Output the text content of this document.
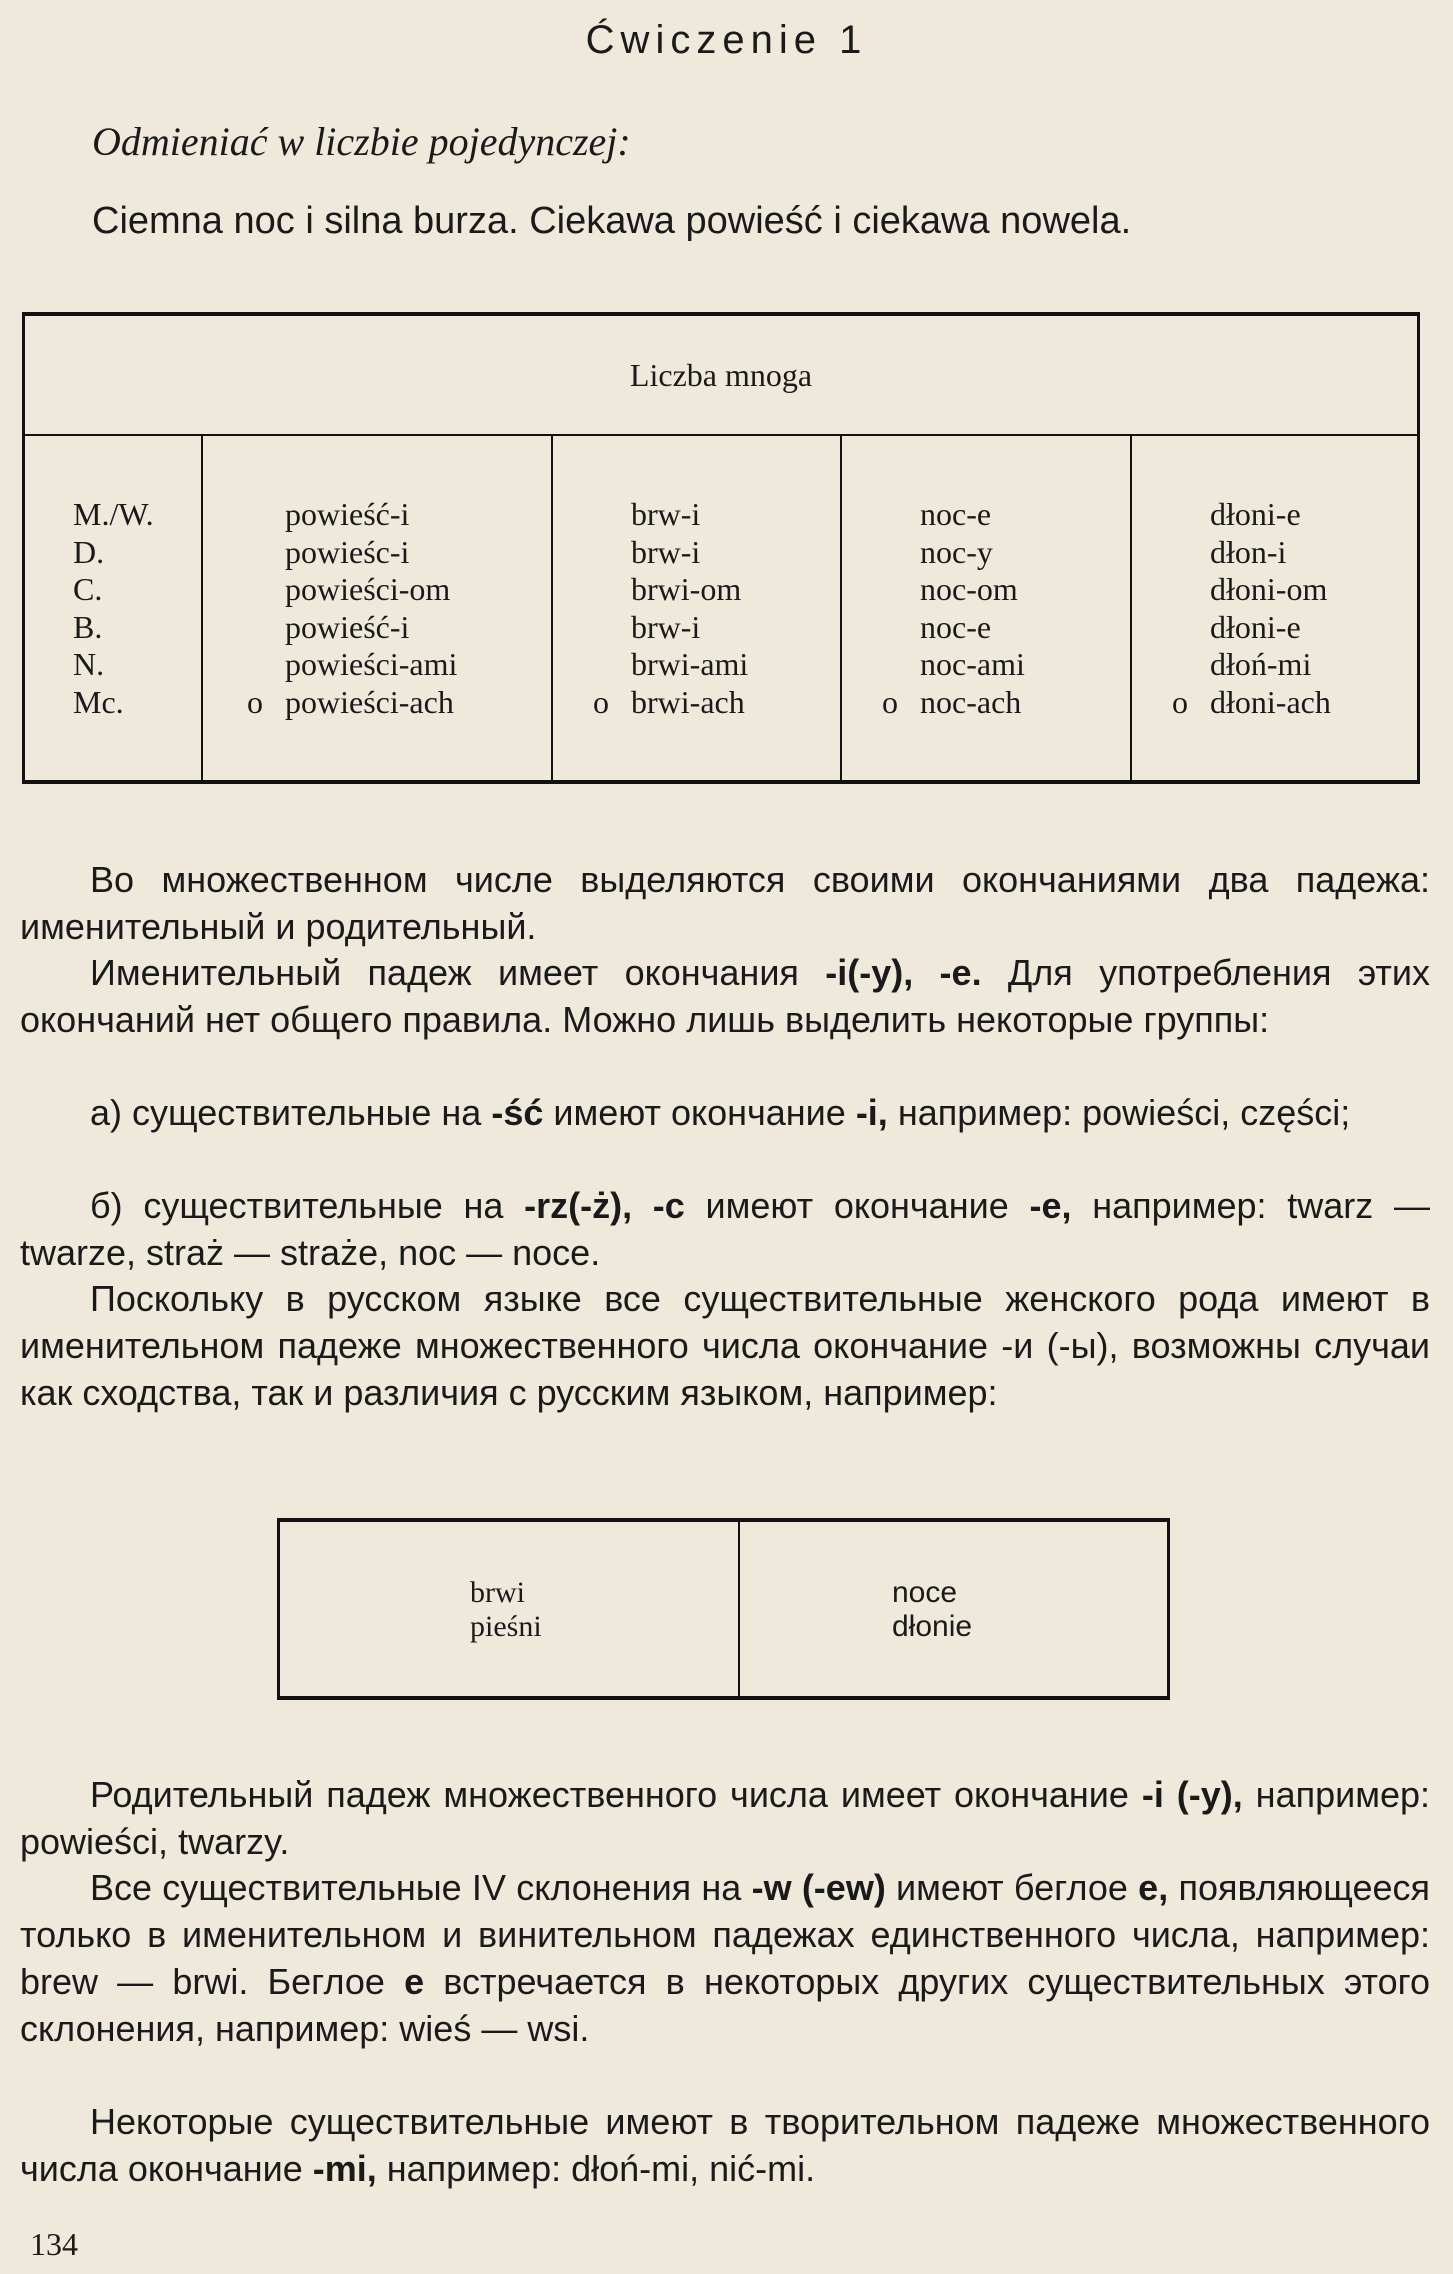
Ćwiczenie 1
Odmieniać w liczbie pojedynczej:
Ciemna noc i silna burza. Ciekawa powieść i ciekawa nowela.
Liczba mnoga
M./W.
D.
C.
B.
N.
Mc.
powieść-i
powieśc-i
powieści-om
powieść-i
powieści-ami
o powieści-ach
brw-i
brw-i
brwi-om
brw-i
brwi-ami
o brwi-ach
noc-e
noc-y
noc-om
noc-e
noc-ami
o noc-ach
dłoni-e
dłon-i
dłoni-om
dłoni-e
dłoń-mi
o dłoni-ach
Во множественном числе выделяются своими окончаниями два падежа: именительный и родительный.
Именительный падеж имеет окончания -i(-y), -e. Для употребления этих окончаний нет общего правила. Можно лишь выделить некоторые группы:
а) существительные на -ść имеют окончание -i, например: powieści, części;
б) существительные на -rz(-ż), -c имеют окончание -e, например: twarz — twarze, straż — straże, noc — noce.
Поскольку в русском языке все существительные женского рода имеют в именительном падеже множественного числа окончание -и (-ы), возможны случаи как сходства, так и различия с русским языком, например:
brwi
pieśni
noce
dłonie
Родительный падеж множественного числа имеет окончание -i (-y), например: powieści, twarzy.
Все существительные IV склонения на -w (-ew) имеют беглое e, появляющееся только в именительном и винительном падежах единственного числа, например: brew — brwi. Беглое e встречается в некоторых других существительных этого склонения, например: wieś — wsi.
Некоторые существительные имеют в творительном падеже множественного числа окончание -mi, например: dłoń-mi, nić-mi.
134
